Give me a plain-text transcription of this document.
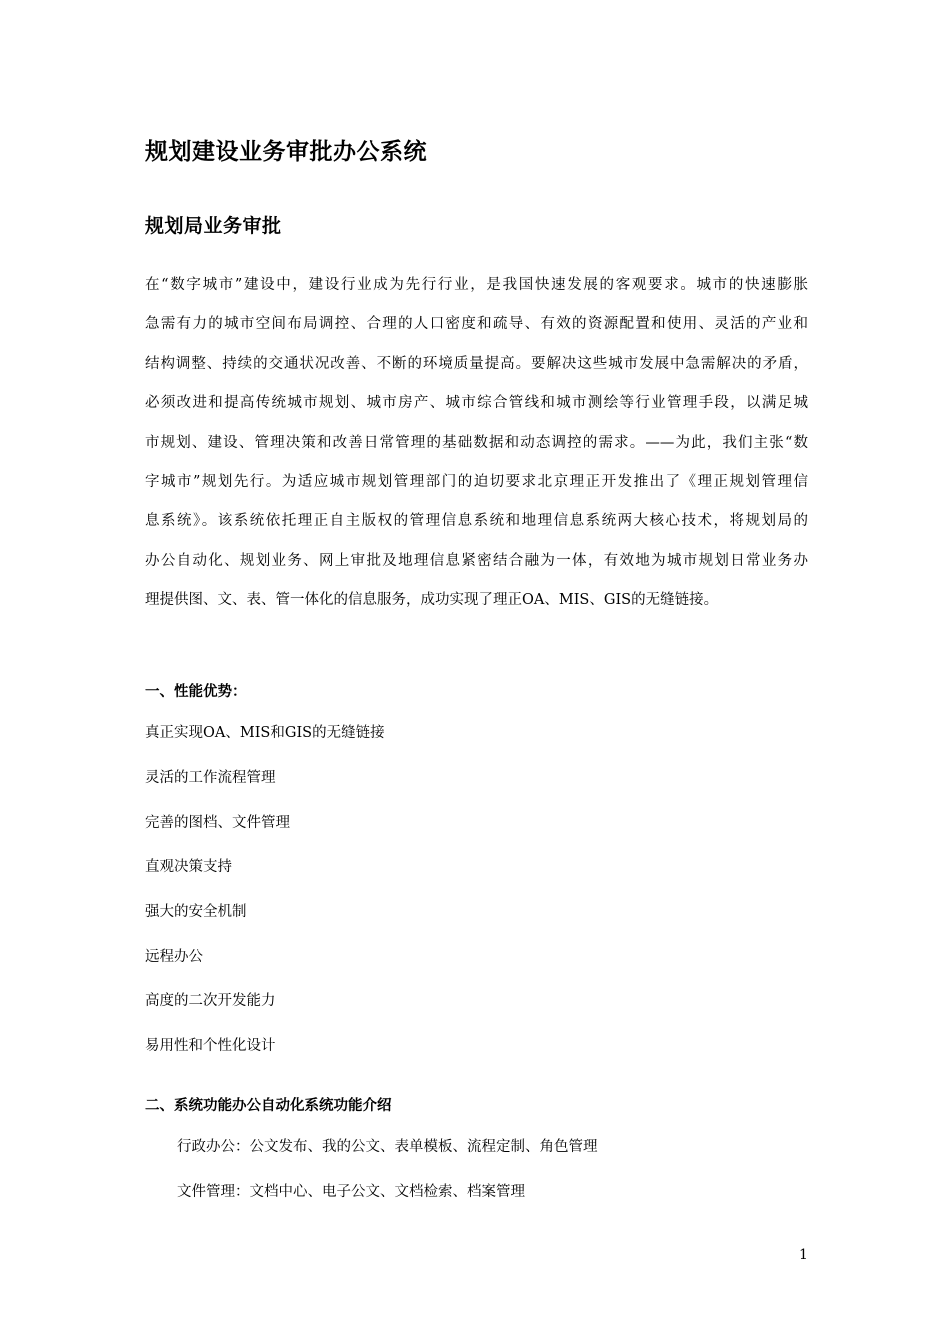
规划建设业务审批办公系统
规划局业务审批
在“数字城市”建设中，建设行业成为先行行业，是我国快速发展的客观要求。城市的快速膨胀
急需有力的城市空间布局调控、合理的人口密度和疏导、有效的资源配置和使用、灵活的产业和
结构调整、持续的交通状况改善、不断的环境质量提高。要解决这些城市发展中急需解决的矛盾，
必须改进和提高传统城市规划、城市房产、城市综合管线和城市测绘等行业管理手段，以满足城
市规划、建设、管理决策和改善日常管理的基础数据和动态调控的需求。——为此，我们主张“数
字城市”规划先行。为适应城市规划管理部门的迫切要求北京理正开发推出了《理正规划管理信
息系统》。该系统依托理正自主版权的管理信息系统和地理信息系统两大核心技术，将规划局的
办公自动化、规划业务、网上审批及地理信息紧密结合融为一体，有效地为城市规划日常业务办
理提供图、文、表、管一体化的信息服务，成功实现了理正OA、MIS、GIS的无缝链接。
一、性能优势：
真正实现OA、MIS和GIS的无缝链接
灵活的工作流程管理
完善的图档、文件管理
直观决策支持
强大的安全机制
远程办公
高度的二次开发能力
易用性和个性化设计
二、系统功能办公自动化系统功能介绍
行政办公：公文发布、我的公文、表单模板、流程定制、角色管理
文件管理：文档中心、电子公文、文档检索、档案管理
1
